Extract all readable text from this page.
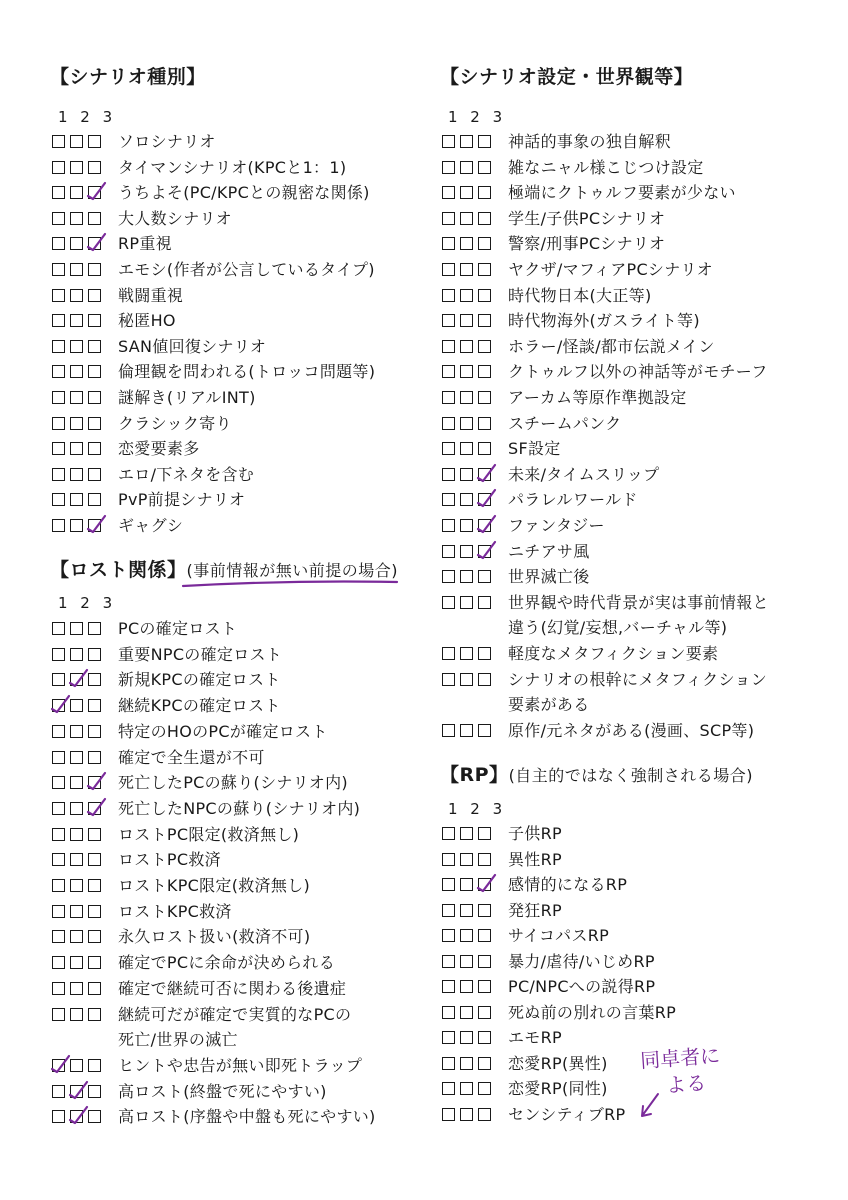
【シナリオ種別】
1 2 3
ソロシナリオ
タイマンシナリオ(KPCと1：1)
うちよそ(PC/KPCとの親密な関係)
大人数シナリオ
RP重視
エモシ(作者が公言しているタイプ)
戦闘重視
秘匿HO
SAN値回復シナリオ
倫理観を問われる(トロッコ問題等)
謎解き(リアルINT)
クラシック寄り
恋愛要素多
エロ/下ネタを含む
PvP前提シナリオ
ギャグシ
【ロスト関係】(事前情報が無い前提の場合)
1 2 3
PCの確定ロスト
重要NPCの確定ロスト
新規KPCの確定ロスト
継続KPCの確定ロスト
特定のHOのPCが確定ロスト
確定で全生還が不可
死亡したPCの蘇り(シナリオ内)
死亡したNPCの蘇り(シナリオ内)
ロストPC限定(救済無し)
ロストPC救済
ロストKPC限定(救済無し)
ロストKPC救済
永久ロスト扱い(救済不可)
確定でPCに余命が決められる
確定で継続可否に関わる後遺症
継続可だが確定で実質的なPCの
死亡/世界の滅亡
ヒントや忠告が無い即死トラップ
高ロスト(終盤で死にやすい)
高ロスト(序盤や中盤も死にやすい)
【シナリオ設定・世界観等】
1 2 3
神話的事象の独自解釈
雑なニャル様こじつけ設定
極端にクトゥルフ要素が少ない
学生/子供PCシナリオ
警察/刑事PCシナリオ
ヤクザ/マフィアPCシナリオ
時代物日本(大正等)
時代物海外(ガスライト等)
ホラー/怪談/都市伝説メイン
クトゥルフ以外の神話等がモチーフ
アーカム等原作準拠設定
スチームパンク
SF設定
未来/タイムスリップ
パラレルワールド
ファンタジー
ニチアサ風
世界滅亡後
世界観や時代背景が実は事前情報と
違う(幻覚/妄想,バーチャル等)
軽度なメタフィクション要素
シナリオの根幹にメタフィクション
要素がある
原作/元ネタがある(漫画、SCP等)
【RP】(自主的ではなく強制される場合)
1 2 3
子供RP
異性RP
感情的になるRP
発狂RP
サイコパスRP
暴力/虐待/いじめRP
PC/NPCへの説得RP
死ぬ前の別れの言葉RP
エモRP
恋愛RP(異性)
恋愛RP(同性)
センシティブRP
同卓者に
よる
